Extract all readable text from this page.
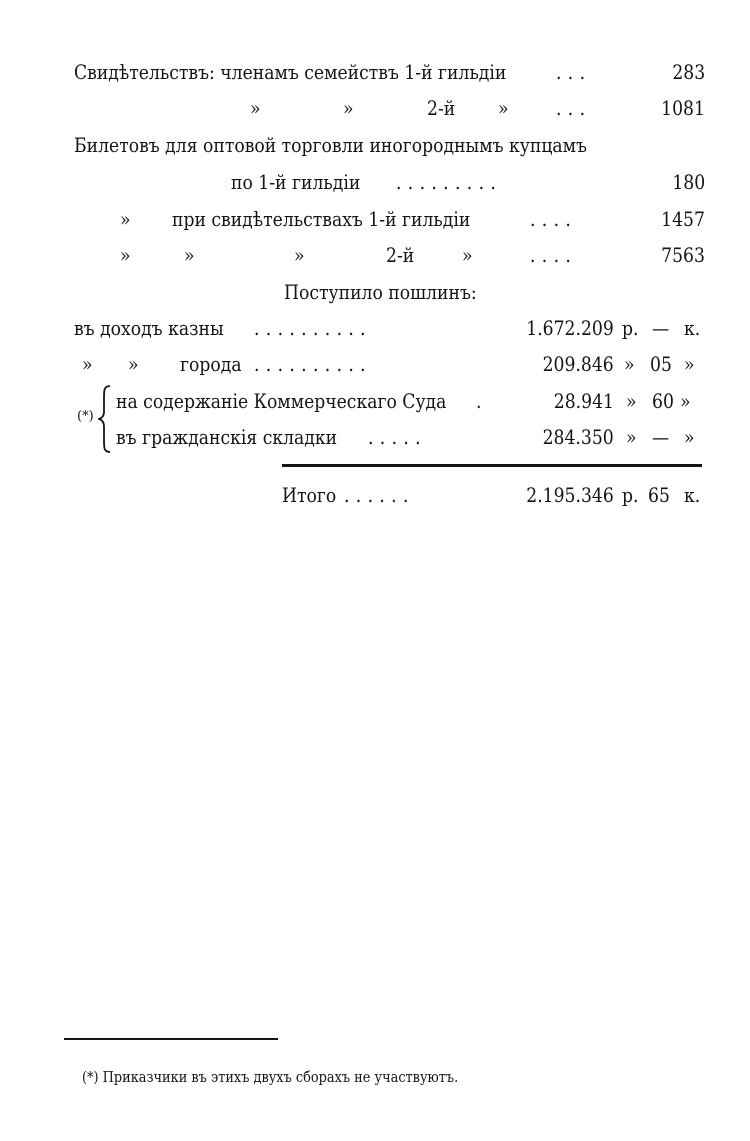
Свидѣтельствъ: членамъ семействъ 1-й гильдіи . . .	283
»	»	2-й » . . .	1081
Билетовъ для оптовой торговли иногороднымъ купцамъ
по 1-й гильдіи . . . . . . . . .	180
» при свидѣтельствахъ 1-й гильдіи	. . . .	1457
»	»	»	2-й »	. . . .	7563
Поступило пошлинъ:
въ доходъ казны . . . . . . . . . .	1.672.209 р. — к.
» » города . . . . . . . . . .	209.846 » 05 »
(*)
на содержаніе Коммерческаго Суда .	28.941 » 60 »
въ гражданскія складки . . . . .	284.350 » — »
Итого . . . . . .	2.195.346 р. 65 к.
(*) Приказчики въ этихъ двухъ сборахъ не участвуютъ.
